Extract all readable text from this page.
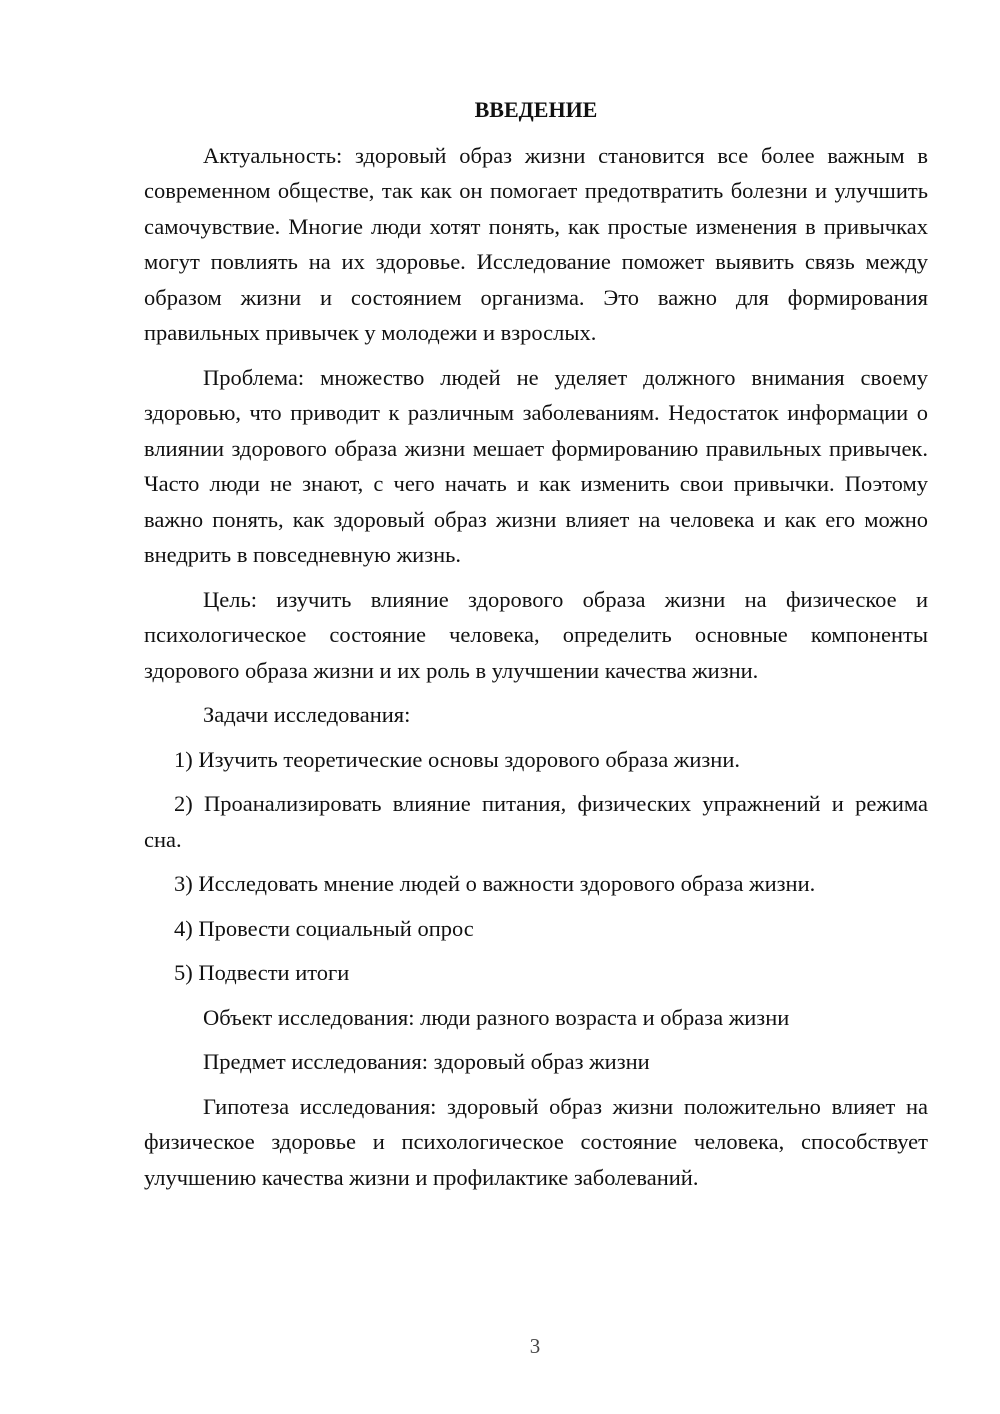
ВВЕДЕНИЕ

Актуальность: здоровый образ жизни становится все более важным в современном обществе, так как он помогает предотвратить болезни и улучшить самочувствие. Многие люди хотят понять, как простые изменения в привычках могут повлиять на их здоровье. Исследование поможет выявить связь между образом жизни и состоянием организма. Это важно для формирования правильных привычек у молодежи и взрослых.

Проблема: множество людей не уделяет должного внимания своему здоровью, что приводит к различным заболеваниям. Недостаток информации о влиянии здорового образа жизни мешает формированию правильных привычек. Часто люди не знают, с чего начать и как изменить свои привычки. Поэтому важно понять, как здоровый образ жизни влияет на человека и как его можно внедрить в повседневную жизнь.

Цель: изучить влияние здорового образа жизни на физическое и психологическое состояние человека, определить основные компоненты здорового образа жизни и их роль в улучшении качества жизни.

Задачи исследования:

1) Изучить теоретические основы здорового образа жизни.

2) Проанализировать влияние питания, физических упражнений и режима сна.

3) Исследовать мнение людей о важности здорового образа жизни.

4) Провести социальный опрос

5) Подвести итоги

Объект исследования: люди разного возраста и образа жизни

Предмет исследования: здоровый образ жизни

Гипотеза исследования: здоровый образ жизни положительно влияет на физическое здоровье и психологическое состояние человека, способствует улучшению качества жизни и профилактике заболеваний.

3
